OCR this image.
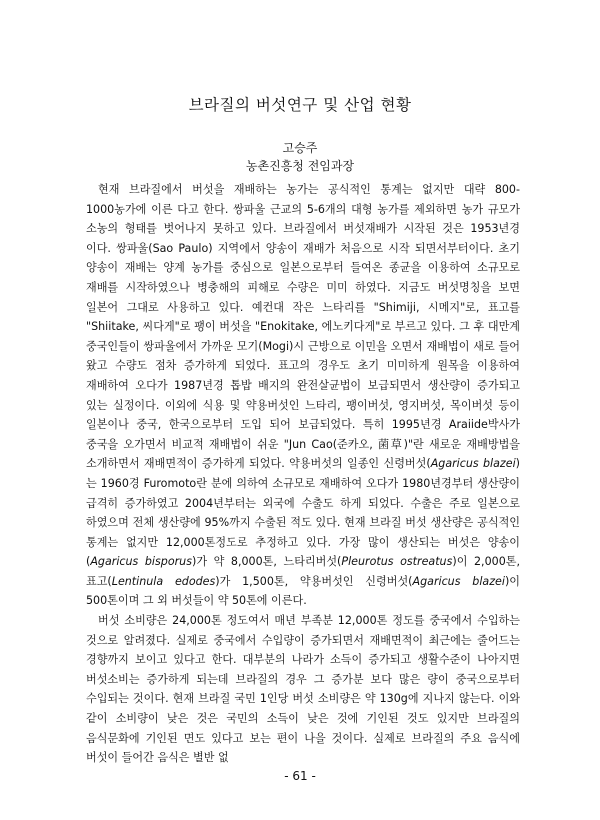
브라질의 버섯연구 및 산업 현황
고승주
농촌진흥청 전임과장

현재 브라질에서 버섯을 재배하는 농가는 공식적인 통계는 없지만 대략 800-1000농가에 이른 다고 한다. 쌍파울 근교의 5-6개의 대형 농가를 제외하면 농가 규모가 소농의 형태를 벗어나지 못하고 있다. 브라질에서 버섯재배가 시작된 것은 1953년경 이다. 쌍파울(Sao Paulo) 지역에서 양송이 재배가 처음으로 시작 되면서부터이다. 초기 양송이 재배는 양계 농가를 중심으로 일본으로부터 들여온 종균을 이용하여 소규모로 재배를 시작하였으나 병충해의 피해로 수량은 미미 하였다. 지금도 버섯명칭을 보면 일본어 그대로 사용하고 있다. 예컨대 작은 느타리를 "Shimiji, 시메지"로, 표고를 "Shiitake, 씨다게"로 팽이 버섯을 "Enokitake, 에노키다게"로 부르고 있다. 그 후 대만계 중국인들이 쌍파울에서 가까운 모기(Mogi)시 근방으로 이민을 오면서 재배법이 새로 들어 왔고 수량도 점차 증가하게 되었다. 표고의 경우도 초기 미미하게 원목을 이용하여 재배하여 오다가 1987년경 톱밥 배지의 완전살균법이 보급되면서 생산량이 증가되고 있는 실정이다. 이외에 식용 및 약용버섯인 느타리, 팽이버섯, 영지버섯, 목이버섯 등이 일본이나 중국, 한국으로부터 도입 되어 보급되었다. 특히 1995년경 Araiide박사가 중국을 오가면서 비교적 재배법이 쉬운 "Jun Cao(준카오, 菌草)"란 새로운 재배방법을 소개하면서 재배면적이 증가하게 되었다. 약용버섯의 일종인 신령버섯(Agaricus blazei)는 1960경 Furomoto란 분에 의하여 소규모로 재배하여 오다가 1980년경부터 생산량이 급격히 증가하였고 2004년부터는 외국에 수출도 하게 되었다. 수출은 주로 일본으로 하였으며 전체 생산량에 95%까지 수출된 적도 있다. 현재 브라질 버섯 생산량은 공식적인 통계는 없지만 12,000톤정도로 추정하고 있다. 가장 많이 생산되는 버섯은 양송이(Agaricus bisporus)가 약 8,000톤, 느타리버섯(Pleurotus ostreatus)이 2,000톤, 표고(Lentinula edodes)가 1,500톤, 약용버섯인 신령버섯(Agaricus blazei)이 500톤이며 그 외 버섯들이 약 50톤에 이른다.

버섯 소비량은 24,000톤 정도여서 매년 부족분 12,000톤 정도를 중국에서 수입하는 것으로 알려졌다. 실제로 중국에서 수입량이 증가되면서 재배면적이 최근에는 줄어드는 경향까지 보이고 있다고 한다. 대부분의 나라가 소득이 증가되고 생활수준이 나아지면 버섯소비는 증가하게 되는데 브라질의 경우 그 증가분 보다 많은 량이 중국으로부터 수입되는 것이다. 현재 브라질 국민 1인당 버섯 소비량은 약 130g에 지나지 않는다. 이와 같이 소비량이 낮은 것은 국민의 소득이 낮은 것에 기인된 것도 있지만 브라질의 음식문화에 기인된 면도 있다고 보는 편이 나을 것이다. 실제로 브라질의 주요 음식에 버섯이 들어간 음식은 별반 없

- 61 -
